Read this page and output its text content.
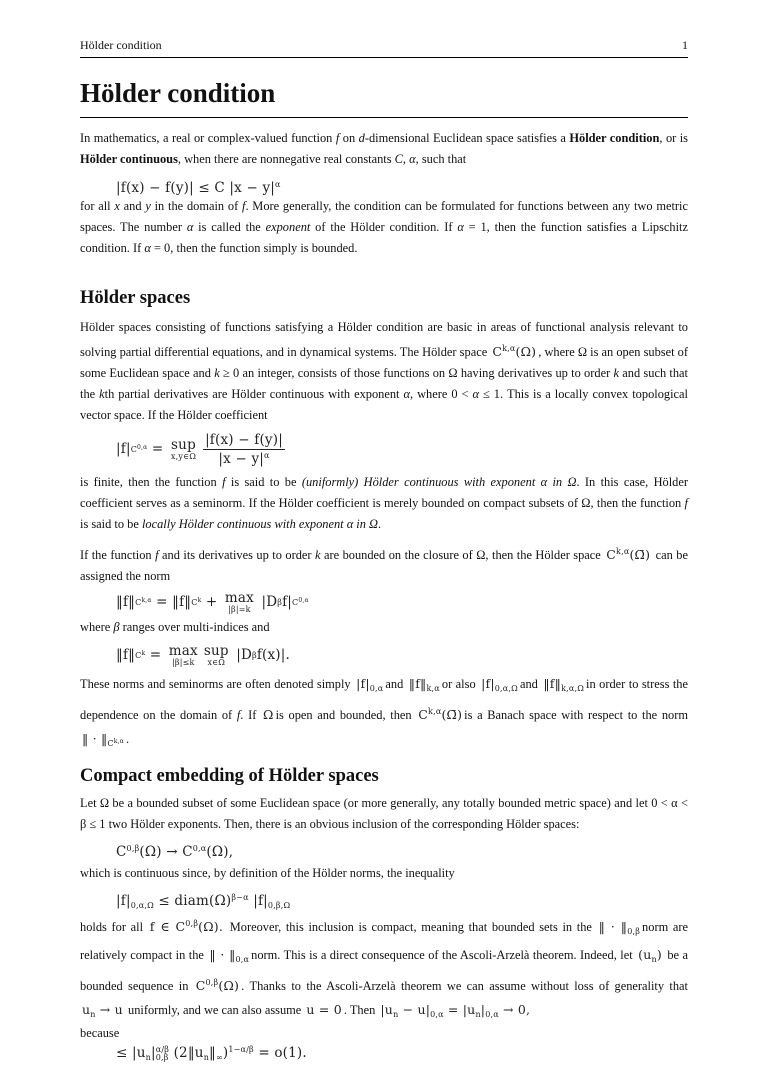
Hölder condition	1
Hölder condition

In mathematics, a real or complex-valued function f on d-dimensional Euclidean space satisfies a Hölder condition, or is Hölder continuous, when there are nonnegative real constants C, α, such that

|f(x) − f(y)| ≤ C $|x - y|^\alpha$

for all x and y in the domain of f. More generally, the condition can be formulated for functions between any two metric spaces. The number α is called the exponent of the Hölder condition. If α = 1, then the function satisfies a Lipschitz condition. If α = 0, then the function simply is bounded.

Hölder spaces

Hölder spaces consisting of functions satisfying a Hölder condition are basic in areas of functional analysis relevant to solving partial differential equations, and in dynamical systems. The Hölder space $C^{k,\alpha}(\Omega)$ , where Ω is an open subset of some Euclidean space and k ≥ 0 an integer, consists of those functions on Ω having derivatives up to order k and such that the kth partial derivatives are Hölder continuous with exponent α, where 0 < α ≤ 1. This is a locally convex topological vector space. If the Hölder coefficient

|f| $C^{0,\alpha}$ = sup
x,y∈Ω $\frac{|f(x) - f(y)|}{|x - y|^\alpha}$

is finite, then the function f is said to be (uniformly) Hölder continuous with exponent α in Ω. In this case, Hölder coefficient serves as a seminorm. If the Hölder coefficient is merely bounded on compact subsets of Ω, then the function f is said to be locally Hölder continuous with exponent α in Ω.

If the function f and its derivatives up to order k are bounded on the closure of Ω, then the Hölder space $C^{k,\alpha}(\Omegā)$ can be assigned the norm

‖f‖ $C^{k,\alpha}$ = ‖f‖ $C^k + \max$
|β|=k |D β f| $C^{0,\alpha}$

where β ranges over multi-indices and

‖f‖ $C^k = \max$
|β|≤k
sup
x∈Ω |D β f(x)|.

These norms and seminorms are often denoted simply $|f|_{0,\alpha}$ and $‖f‖_{k,\alpha}$ or also $|f|_{0,\alpha,\Omega}$ and $‖f‖_{k,\alpha,\Omega}$ in order to stress the dependence on the domain of f. If Ω is open and bounded, then $C^{k,\alpha}(\Omegā)$ is a Banach space with respect to the norm ‖ · $‖_{C^{k,\alpha}}$ .

Compact embedding of Hölder spaces

Let Ω be a bounded subset of some Euclidean space (or more generally, any totally bounded metric space) and let 0 < α < β ≤ 1 two Hölder exponents. Then, there is an obvious inclusion of the corresponding Hölder spaces:

$C^{0,\beta}(\Omega) \to C^{0,\alpha}(\Omega)$,

which is continuous since, by definition of the Hölder norms, the inequality

$|f|_{0,\alpha,\Omega}$ ≤ $diam(\Omega)^{\beta-\alpha}$ $|f|_{0,\beta,\Omega}$

holds for all f ∈ $C^{0,\beta}(\Omega)$. Moreover, this inclusion is compact, meaning that bounded sets in the ‖ · $‖_{0,\beta}$ norm are relatively compact in the ‖ · $‖_{0,\alpha}$ norm. This is a direct consequence of the Ascoli-Arzelà theorem. Indeed, let $(u_n)$ be a bounded sequence in $C^{0,\beta}(\Omega)$ . Thanks to the Ascoli-Arzelà theorem we can assume without loss of generality that $u_n \to u$ uniformly, and we can also assume u = 0 . Then $|u_n - u|_{0,\alpha} = |u_n|_{0,\alpha} \to 0$,

because

≤ $|u_n|$ α/β
0,β $(2‖u_n‖_\infty)^{1-\alpha/\beta} = o(1)$.
